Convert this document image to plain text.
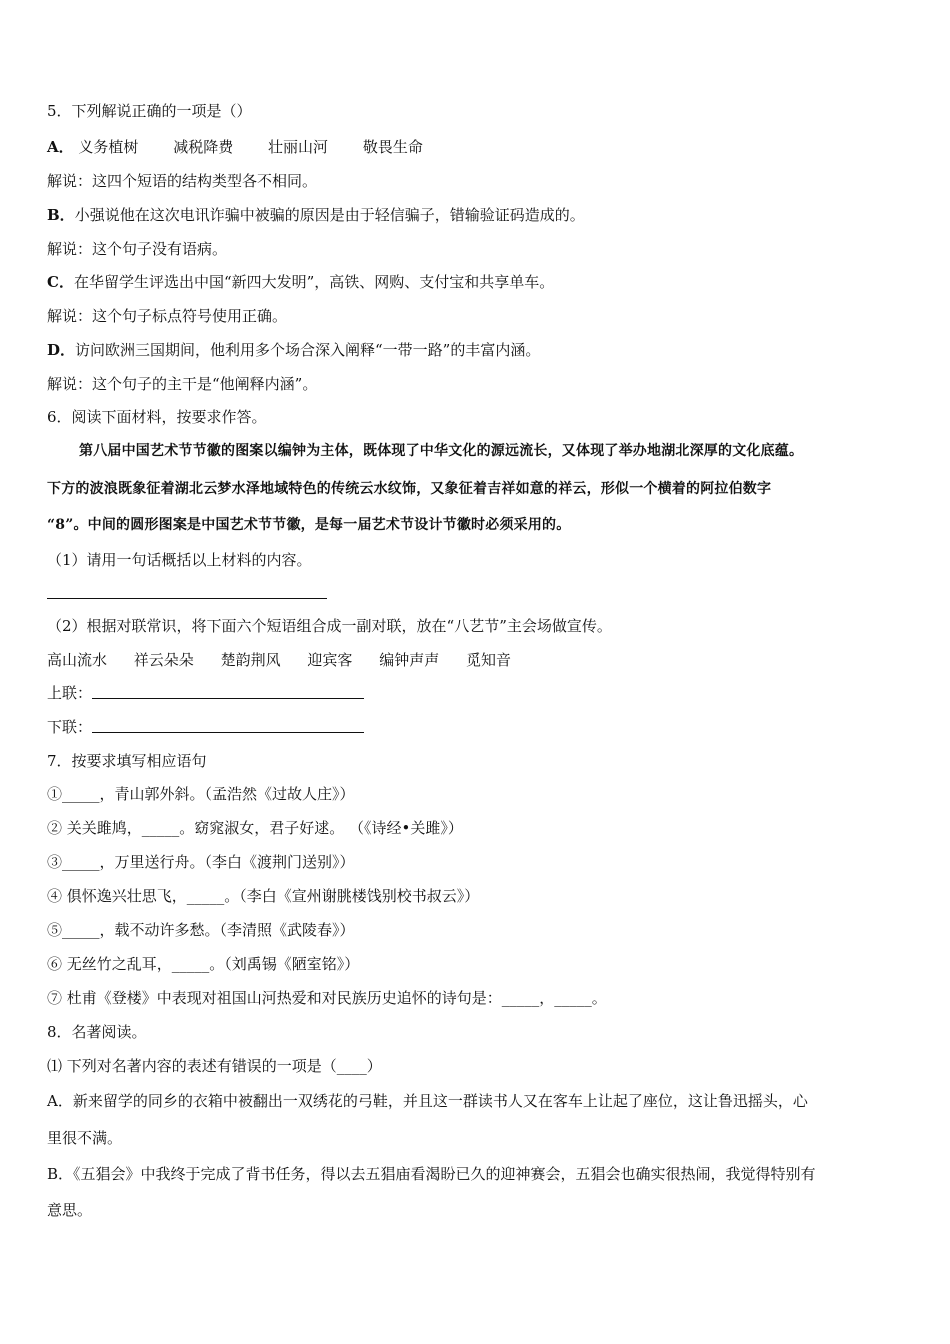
5．下列解说正确的一项是（）
A． 义务植树 减税降费 壮丽山河 敬畏生命
解说：这四个短语的结构类型各不相同。
B．小强说他在这次电讯诈骗中被骗的原因是由于轻信骗子，错输验证码造成的。
解说：这个句子没有语病。
C．在华留学生评选出中国“新四大发明”，高铁、网购、支付宝和共享单车。
解说：这个句子标点符号使用正确。
D．访问欧洲三国期间，他利用多个场合深入阐释“一带一路”的丰富内涵。
解说：这个句子的主干是“他阐释内涵”。
6．阅读下面材料，按要求作答。
第八届中国艺术节节徽的图案以编钟为主体，既体现了中华文化的源远流长，又体现了举办地湖北深厚的文化底蕴。
下方的波浪既象征着湖北云梦水泽地域特色的传统云水纹饰，又象征着吉祥如意的祥云，形似一个横着的阿拉伯数字
“8”。中间的圆形图案是中国艺术节节徽，是每一届艺术节设计节徽时必须采用的。
（1）请用一句话概括以上材料的内容。
（2）根据对联常识，将下面六个短语组合成一副对联，放在“八艺节”主会场做宣传。
高山流水 祥云朵朵 楚韵荆风 迎宾客 编钟声声 觅知音
上联：
下联：
7．按要求填写相应语句
①_____，青山郭外斜。（孟浩然《过故人庄》）
② 关关雎鸠，_____。窈窕淑女，君子好逑。 （《诗经•关雎》）
③_____，万里送行舟。（李白《渡荆门送别》）
④ 俱怀逸兴壮思飞，_____。（李白《宣州谢朓楼饯别校书叔云》）
⑤_____，载不动许多愁。（李清照《武陵春》）
⑥ 无丝竹之乱耳，_____。（刘禹锡《陋室铭》）
⑦ 杜甫《登楼》中表现对祖国山河热爱和对民族历史追怀的诗句是：_____，_____。
8．名著阅读。
⑴ 下列对名著内容的表述有错误的一项是（____）
A．新来留学的同乡的衣箱中被翻出一双绣花的弓鞋，并且这一群读书人又在客车上让起了座位，这让鲁迅摇头，心
里很不满。
B．《五猖会》中我终于完成了背书任务，得以去五猖庙看渴盼已久的迎神赛会，五猖会也确实很热闹，我觉得特别有
意思。
